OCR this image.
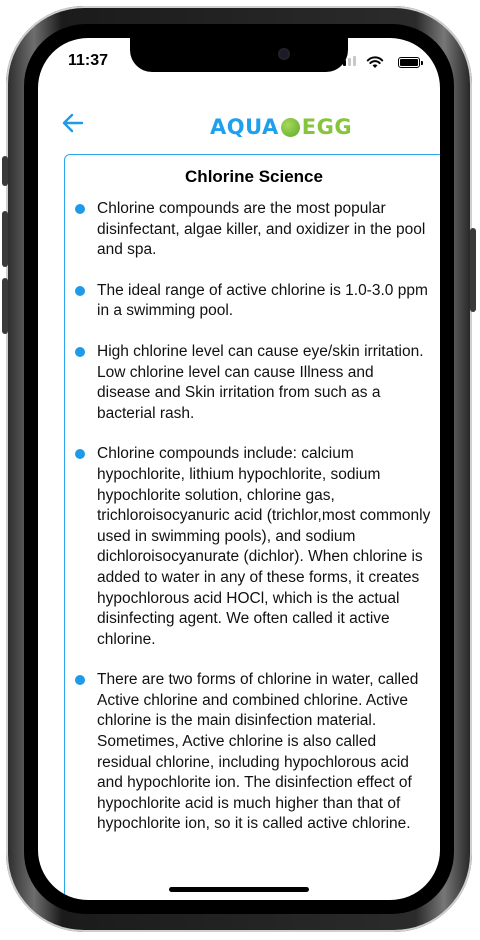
11:37
AQUA EGG
Chlorine Science
Chlorine compounds are the most popular disinfectant, algae killer, and oxidizer in the pool and spa.
The ideal range of active chlorine is 1.0-3.0 ppm in a swimming pool.
High chlorine level can cause eye/skin irritation. Low chlorine level can cause Illness and disease and Skin irritation from such as a bacterial rash.
Chlorine compounds include: calcium hypochlorite, lithium hypochlorite, sodium hypochlorite solution, chlorine gas, trichloroisocyanuric acid (trichlor,most commonly used in swimming pools), and sodium dichloroisocyanurate (dichlor). When chlorine is added to water in any of these forms, it creates hypochlorous acid HOCl, which is the actual disinfecting agent. We often called it active chlorine.
There are two forms of chlorine in water, called Active chlorine and combined chlorine. Active chlorine is the main disinfection material. Sometimes, Active chlorine is also called residual chlorine, including hypochlorous acid and hypochlorite ion. The disinfection effect of hypochlorite acid is much higher than that of hypochlorite ion, so it is called active chlorine.
